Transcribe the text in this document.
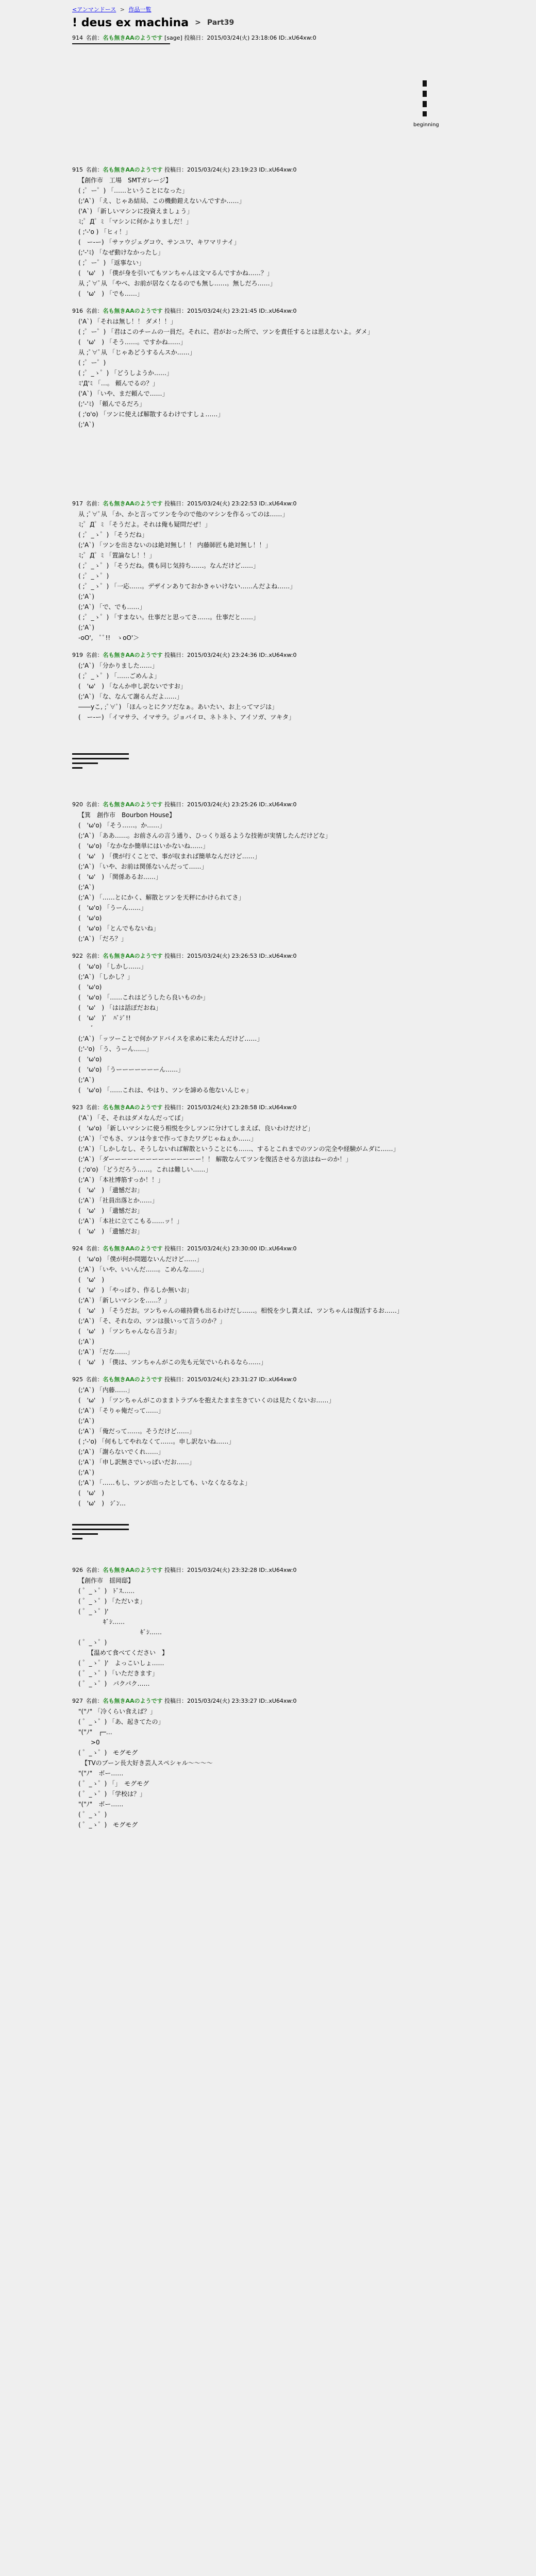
<アンマンドース > 作品一覧
! deus ex machina > Part39
914 名前：名も無きAAのようです [sage] 投稿日：2015/03/24(火) 23:18:06 ID:.xU64xw:0
beginning
915 名前：名も無きAAのようです 投稿日：2015/03/24(火) 23:19:23 ID:.xU64xw:0
【創作市　工場　SMTガレージ】
( ;゜ー゜) 「……ということになった」
(;'A`) 「え、じゃあ結局、この機動鎧えないんですか……」
('A`) 「新しいマシンに投資えましょう」
ﾐ;゜Д゜ﾐ 「マシンに何かよりましだ！」
( ;'-'o ) 「ヒィ！」
(　ー-ー) 「サァウジェグコウ、サンユワ、キワマリナイ」
(;'-'ﾐ) 「なぜ動けなかったし」
( ;゜ー゜) 「返事ない」
(　'ω'　) 「僕が身を引いてもツンちゃんは文マるんですかね……？」
从 ;ﾟ∀ﾟ从 「やべ、お前が居なくなるのでも無し……。無しだろ……」
(　'ω'　) 「でも……」
916 名前：名も無きAAのようです 投稿日：2015/03/24(火) 23:21:45 ID:.xU64xw:0
('A`) 「それは無し！！ ダメ！！」
( ;゜ー゜) 「君はこのチームの一員だ。それに、君がおった所で、ツンを責任するとは思えないよ。ダメ」
(　'ω'　) 「そう……。ですかね……」
从 ;ﾟ∀ﾟ从 「じゃあどうするんスか……」
( ;゜ー゜)
( ;゜_ゝ゜) 「どうしようか……」
ﾐ'Д'ﾐ 「…。 頼んでるの？」
('A`) 「いや、まだ頼んで……」
(;'-'ﾐ) 「頼んでるだろ」
( ;'o'o) 「ツンに使えば解散するわけですしょ……」
(;'A`)
917 名前：名も無きAAのようです 投稿日：2015/03/24(火) 23:22:53 ID:.xU64xw:0
从 ;ﾟ∀ﾟ从 「か、かと言ってツンを今ので他のマシンを作るってのは……」
ﾐ;゜Д゜ﾐ 「そうだよ。それは俺も疑問だぜ！」
( ;゜_ゝ゜) 「そうだね」
(;'A`) 「ツンを出さないのは絶対無し！！ 内藤師匠も絶対無し！！」
ﾐ;゜Д゜ﾐ 「置論なし！！」
( ;゜_ゝ゜) 「そうだね。僕も同じ気持ち……。なんだけど……」
( ;゜_ゝ゜)
( ;゜_ゝ゜) 「一応……。デザインありておかきゃいけない……んだよね……」
(;'A`)
(;'A`) 「で、でも……」
( ;゜_ゝ゜) 「すまない。仕事だと思ってさ……。仕事だと……」
(;'A`)
-oO',　ﾟﾟ!!　ゝoO'＞
919 名前：名も無きAAのようです 投稿日：2015/03/24(火) 23:24:36 ID:.xU64xw:0
(;'A`) 「分かりました……」
( ;゜_ゝ゜) 「……ごめんよ」
(　'ω'　) 「なんか申し訳ないですお」
(;'A`) 「な、なんて謝るんだよ……」
――yこ, ;ﾟ∀ﾟ) 「ほんっとにクソだなぁ。あいたい、お上ってマジは」
(　ー-ー) 「イマサラ、イマサラ。ジョバイロ、ネトネト、アイソガ、ツキタ」
920 名前：名も無きAAのようです 投稿日：2015/03/24(火) 23:25:26 ID:.xU64xw:0
【箕　創作市　Bourbon House】
(　'ω'o) 「そう……。か……」
(;'A`) 「ああ……。お前さんの言う通り、ひっくり返るような技術が実情したんだけどな」
(　'ω'o) 「なかなか簡単にはいかないね……」
(　'ω'　) 「僕が行くことで、事が収まれば簡単なんだけど……」
(;'A`) 「いや、お前は関係ないんだって……」
(　'ω'　) 「関係あるお……」
(;'A`)
(;'A`) 「……とにかく、解散とツンを天秤にかけられてさ」
(　'ω'o) 「うーん……」
(　'ω'o)
(　'ω'o) 「とんでもないね」
(;'A`) 「だろ？」
922 名前：名も無きAAのようです 投稿日：2015/03/24(火) 23:26:53 ID:.xU64xw:0
(　'ω'o) 「しかし……」
(;'A`) 「しかし？」
(　'ω'o)
(　'ω'o) 「……これはどうしたら良いものか」
(　'ω'　) 「はは話ぽだおね」
(　'ω'　)ﾞ　ﾊﾞｼﾞ!!
　　ﾞ
(;'A`) 「ッツーことで何かアドバイスを求めに来たんだけど……」
(;'-'o) 「う、うーん……」
(　'ω'o)
(　'ω'o) 「うーーーーーーーん……」
(;'A`)
(　'ω'o) 「……これは、やはり、ツンを諦める他ないんじゃ」
923 名前：名も無きAAのようです 投稿日：2015/03/24(火) 23:28:58 ID:.xU64xw:0
('A`) 「そ、それはダメなんだってば」
(　'ω'o) 「新しいマシンに使う相悦を少しツンに分けてしまえば、良いわけだけど」
(;'A`) 「でもさ、ツンは今まで作ってきたワグじゃねぇか……」
(;'A`) 「しかしなし、そうしないれば解散ということにも……、するとこれまでのツンの完全や経験がムダに……」
(;'A`) 「ダーーーーーーーーーーーーーーー！！ 解散なんてツンを復活させる方法はねーのか！」
( ;'o'o) 「どうだろう……。これは難しい……」
(;'A`) 「本社博筋すっか！！」
(　'ω'　) 「遺憾だお」
(;'A`) 「社員出落とか……」
(　'ω'　) 「遺憾だお」
(;'A`) 「本社に立てこもる……ッ！」
(　'ω'　) 「遺憾だお」
924 名前：名も無きAAのようです 投稿日：2015/03/24(火) 23:30:00 ID:.xU64xw:0
(　'ω'o) 「僕が何か問題ないんだけど……」
(;'A`) 「いや、いいんだ……。こめんな……」
(　'ω'　)
(　'ω'　) 「やっぱり、作るしか無いお」
(;'A`) 「新しいマシンを……？」
(　'ω'　) 「そうだお。ツンちゃんの確持費も出るわけだし……。相悦を少し貰えば、ツンちゃんは復活するお……」
(;'A`) 「そ、それなの、ツンは扱いって言うのか？」
(　'ω'　) 「ツンちゃんなら言うお」
(;'A`)
(;'A`) 「だな……」
(　'ω'　) 「僕は、ツンちゃんがこの先も元気でいられるなら……」
925 名前：名も無きAAのようです 投稿日：2015/03/24(火) 23:31:27 ID:.xU64xw:0
(;'A`) 「内藤……」
(　'ω'　) 「ツンちゃんがこのままトラブルを抱えたまま生きていくのは見たくないお……」
(;'A`) 「そりゃ俺だって……」
(;'A`)
(;'A`) 「俺だって……。そうだけど……」
( ;'-'o) 「何もしてやれなくて……。申し訳ないね……」
(;'A`) 「謝らないでくれ……」
(;'A`) 「申し訳無さでいっぱいだお……」
(;'A`)
(;'A`) 「……もし、ツンが出ったとしても、いなくなるなよ」
(　'ω'　)
(　'ω'　)　ｼﾞﾝ…
926 名前：名も無きAAのようです 投稿日：2015/03/24(火) 23:32:28 ID:.xU64xw:0
【創作市　揺岡邸】
( ゜_ゝ゜)　ﾄﾞｽ……
( ゜_ゝ゜) 「ただいま」
( ゜_ゝ゜)'
　　　　ｷﾞｼ……
　　　　　　　　　　ｷﾞｼ……
( ゜_ゝ゜)
　　【温めて食べてください　】
( ゜_ゝ゜)'　よっこいしょ……
( ゜_ゝ゜) 「いただきます」
( ゜_ゝ゜)　パクパク……
927 名前：名も無きAAのようです 投稿日：2015/03/24(火) 23:33:27 ID:.xU64xw:0
"("ﾉ" 「冷くらい食えば？」
( ゜_ゝ゜) 「あ、起きてたの」
"("ﾉ"　┌─…
　　>0
( ゜_ゝ゜)　モグモグ
　【TVのブーン長大好き芸人スペシャル〜〜〜〜
"("ﾉ"　ボー……
( ゜_ゝ゜) 「」　モグモグ
( ゜_ゝ゜) 「学校は？」
"("ﾉ"　ボー……
( ゜_ゝ゜)
( ゜_ゝ゜)　モグモグ
